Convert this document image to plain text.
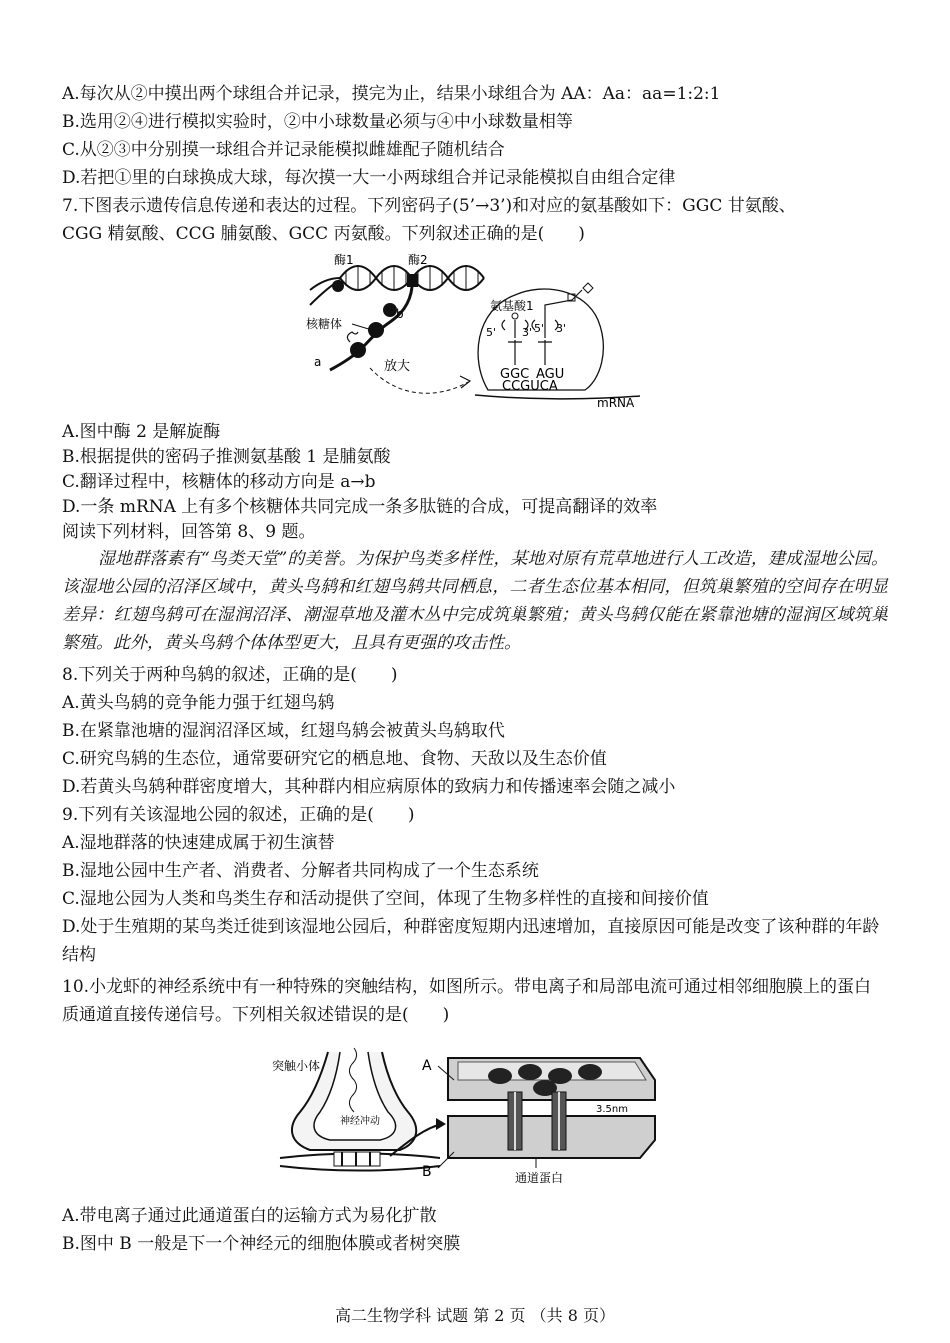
A.每次从②中摸出两个球组合并记录，摸完为止，结果小球组合为 AA：Aa：aa=1:2:1
B.选用②④进行模拟实验时，②中小球数量必须与④中小球数量相等
C.从②③中分别摸一球组合并记录能模拟雌雄配子随机结合
D.若把①里的白球换成大球，每次摸一大一小两球组合并记录能模拟自由组合定律
7.下图表示遗传信息传递和表达的过程。下列密码子(5’→3’)和对应的氨基酸如下：GGC 甘氨酸、
CGG 精氨酸、CCG 脯氨酸、GCC 丙氨酸。下列叙述正确的是(　　)
酶1	酶2
核糖体
a
b
放大
氨基酸1
5' 3' 5' 3'
GGC AGU
CCGUCA
mRNA
A.图中酶 2 是解旋酶
B.根据提供的密码子推测氨基酸 1 是脯氨酸
C.翻译过程中，核糖体的移动方向是 a→b
D.一条 mRNA 上有多个核糖体共同完成一条多肽链的合成，可提高翻译的效率
阅读下列材料，回答第 8、9 题。
湿地群落素有“鸟类天堂”的美誉。为保护鸟类多样性，某地对原有荒草地进行人工改造，建成湿地公园。该湿地公园的沼泽区域中，黄头鸟鸫和红翅鸟鸫共同栖息，二者生态位基本相同，但筑巢繁殖的空间存在明显差异：红翅鸟鸫可在湿润沼泽、潮湿草地及灌木丛中完成筑巢繁殖；黄头鸟鸫仅能在紧靠池塘的湿润区域筑巢繁殖。此外，黄头鸟鸫个体体型更大，且具有更强的攻击性。
8.下列关于两种鸟鸫的叙述，正确的是(　　)
A.黄头鸟鸫的竞争能力强于红翅鸟鸫
B.在紧靠池塘的湿润沼泽区域，红翅鸟鸫会被黄头鸟鸫取代
C.研究鸟鸫的生态位，通常要研究它的栖息地、食物、天敌以及生态价值
D.若黄头鸟鸫种群密度增大，其种群内相应病原体的致病力和传播速率会随之减小
9.下列有关该湿地公园的叙述，正确的是(　　)
A.湿地群落的快速建成属于初生演替
B.湿地公园中生产者、消费者、分解者共同构成了一个生态系统
C.湿地公园为人类和鸟类生存和活动提供了空间，体现了生物多样性的直接和间接价值
D.处于生殖期的某鸟类迁徙到该湿地公园后，种群密度短期内迅速增加，直接原因可能是改变了该种群的年龄结构
10.小龙虾的神经系统中有一种特殊的突触结构，如图所示。带电离子和局部电流可通过相邻细胞膜上的蛋白质通道直接传递信号。下列相关叙述错误的是(　　)
突触小体
神经冲动
A
B
3.5nm
通道蛋白
A.带电离子通过此通道蛋白的运输方式为易化扩散
B.图中 B 一般是下一个神经元的细胞体膜或者树突膜
高二生物学科 试题 第 2 页 （共 8 页）
